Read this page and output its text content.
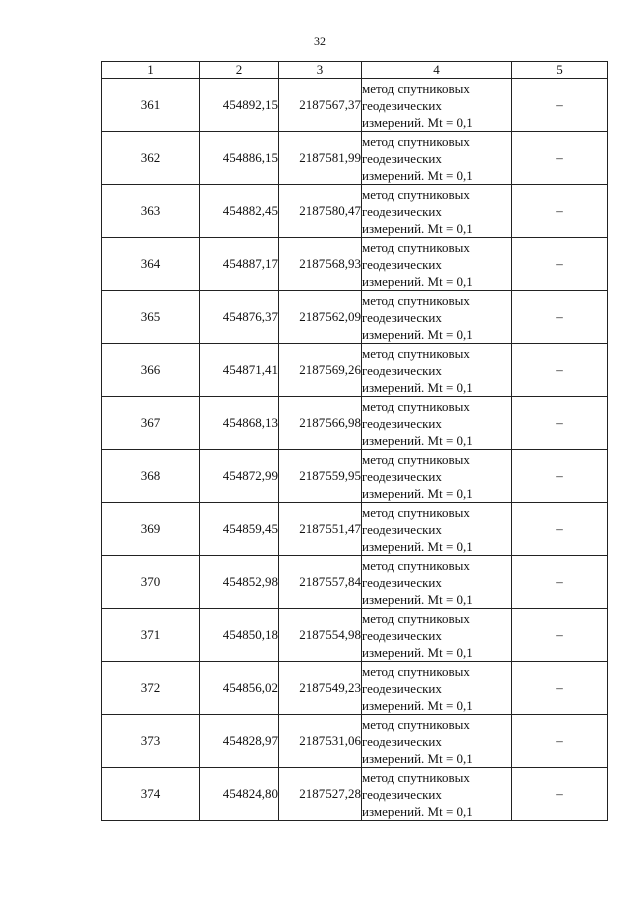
32
1	2	3	4	5
361	454892,15	2187567,37	метод спутниковых
геодезических
измерений. Mt = 0,1	–
362	454886,15	2187581,99	метод спутниковых
геодезических
измерений. Mt = 0,1	–
363	454882,45	2187580,47	метод спутниковых
геодезических
измерений. Mt = 0,1	–
364	454887,17	2187568,93	метод спутниковых
геодезических
измерений. Mt = 0,1	–
365	454876,37	2187562,09	метод спутниковых
геодезических
измерений. Mt = 0,1	–
366	454871,41	2187569,26	метод спутниковых
геодезических
измерений. Mt = 0,1	–
367	454868,13	2187566,98	метод спутниковых
геодезических
измерений. Mt = 0,1	–
368	454872,99	2187559,95	метод спутниковых
геодезических
измерений. Mt = 0,1	–
369	454859,45	2187551,47	метод спутниковых
геодезических
измерений. Mt = 0,1	–
370	454852,98	2187557,84	метод спутниковых
геодезических
измерений. Mt = 0,1	–
371	454850,18	2187554,98	метод спутниковых
геодезических
измерений. Mt = 0,1	–
372	454856,02	2187549,23	метод спутниковых
геодезических
измерений. Mt = 0,1	–
373	454828,97	2187531,06	метод спутниковых
геодезических
измерений. Mt = 0,1	–
374	454824,80	2187527,28	метод спутниковых
геодезических
измерений. Mt = 0,1	–
